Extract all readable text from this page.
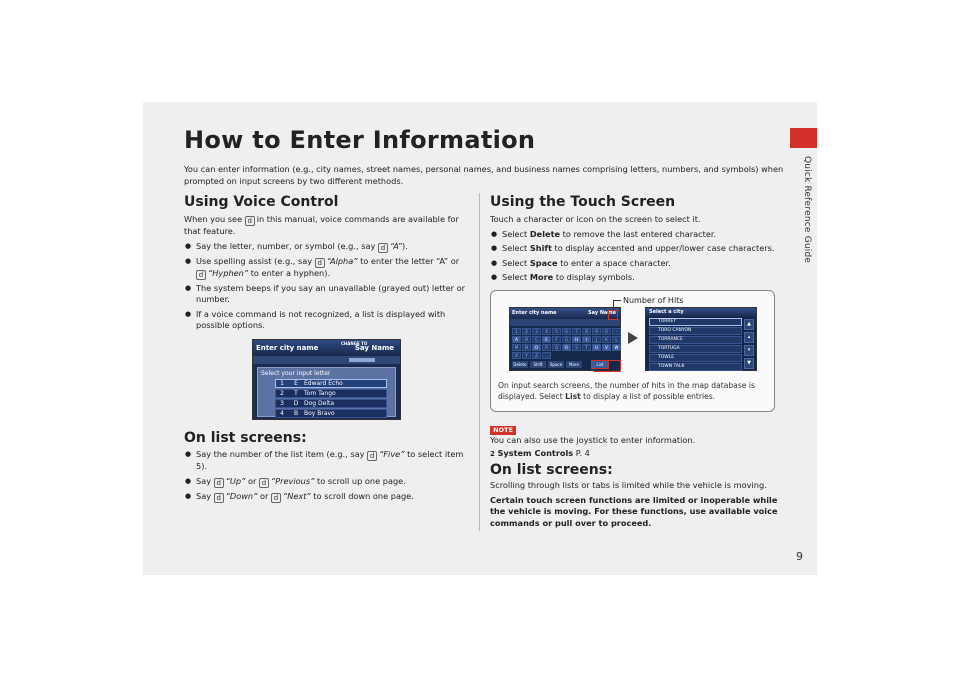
Quick Reference Guide
9
How to Enter Information
You can enter information (e.g., city names, street names, personal names, and business names comprising letters, numbers, and symbols) when prompted on input screens by two different methods.
Using Voice Control
When you see d in this manual, voice commands are available for that feature.
● Say the letter, number, or symbol (e.g., say d “A”).
● Use spelling assist (e.g., say d “Alpha” to enter the letter “A” or
d “Hyphen” to enter a hyphen).
● The system beeps if you say an unavailable (grayed out) letter or number.
● If a voice command is not recognized, a list is displayed with possible options.
Enter city name
CHANGE TO
Say Name
Select your input letter
1	E	Edward Echo
2	T	Tom Tango
3	D Dog Delta
4	B Boy Bravo
On list screens:
● Say the number of the list item (e.g., say d “Five” to select item 5).
● Say d “Up” or d “Previous” to scroll up one page.
● Say d “Down” or d “Next” to scroll down one page.
Using the Touch Screen
Touch a character or icon on the screen to select it.
● Select Delete to remove the last entered character.
● Select Shift to display accented and upper/lower case characters.
● Select Space to enter a space character.
● Select More to display symbols.
Enter city name	Say Name
1	2	3	4	5	6	7	8	9	0	-
A	B	C	E	F	G	H	I	J	K	L
M	N	O	P	Q	R	S	T	U	V	W
X	Y	Z	.
Delete	Shift	Space	More	List
Number of Hits
Select a city
TORREY
TORO CANYON
TORRANCE
TORTUGA
TOWLE
TOWN TALK
▲
▴
▾
▼
On input search screens, the number of hits in the map database is displayed. Select List to display a list of possible entries.
NOTE
You can also use the joystick to enter information.
2 System Controls P. 4
On list screens:
Scrolling through lists or tabs is limited while the vehicle is moving.
Certain touch screen functions are limited or inoperable while the vehicle is moving. For these functions, use available voice commands or pull over to proceed.
